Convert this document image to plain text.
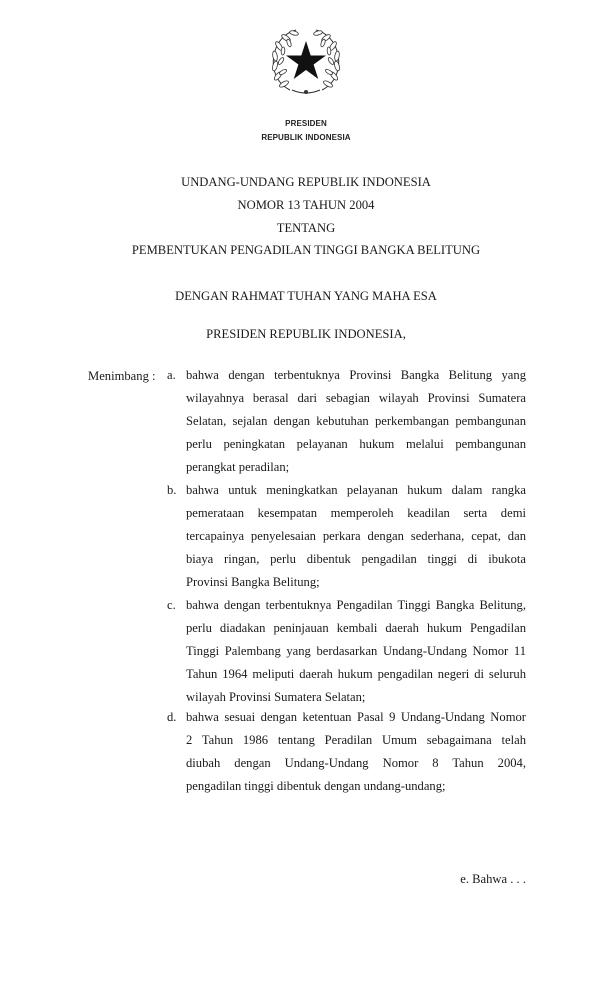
PRESIDEN
REPUBLIK INDONESIA
UNDANG-UNDANG REPUBLIK INDONESIA
NOMOR 13 TAHUN 2004
TENTANG
PEMBENTUKAN PENGADILAN TINGGI BANGKA BELITUNG
DENGAN RAHMAT TUHAN YANG MAHA ESA
PRESIDEN REPUBLIK INDONESIA,
Menimbang : a. bahwa dengan terbentuknya Provinsi Bangka Belitung yang
wilayahnya berasal dari sebagian wilayah Provinsi Sumatera
Selatan, sejalan dengan kebutuhan perkembangan pembangunan
perlu peningkatan pelayanan hukum melalui pembangunan
perangkat peradilan;
b. bahwa untuk meningkatkan pelayanan hukum dalam rangka
pemerataan kesempatan memperoleh keadilan serta demi
tercapainya penyelesaian perkara dengan sederhana, cepat, dan
biaya ringan, perlu dibentuk pengadilan tinggi di ibukota
Provinsi Bangka Belitung;
c. bahwa dengan terbentuknya Pengadilan Tinggi Bangka Belitung,
perlu diadakan peninjauan kembali daerah hukum Pengadilan
Tinggi Palembang yang berdasarkan Undang-Undang Nomor 11
Tahun 1964 meliputi daerah hukum pengadilan negeri di seluruh
wilayah Provinsi Sumatera Selatan;
d. bahwa sesuai dengan ketentuan Pasal 9 Undang-Undang Nomor
2 Tahun 1986 tentang Peradilan Umum sebagaimana telah
diubah dengan Undang-Undang Nomor 8 Tahun 2004,
pengadilan tinggi dibentuk dengan undang-undang;
e. Bahwa . . .
